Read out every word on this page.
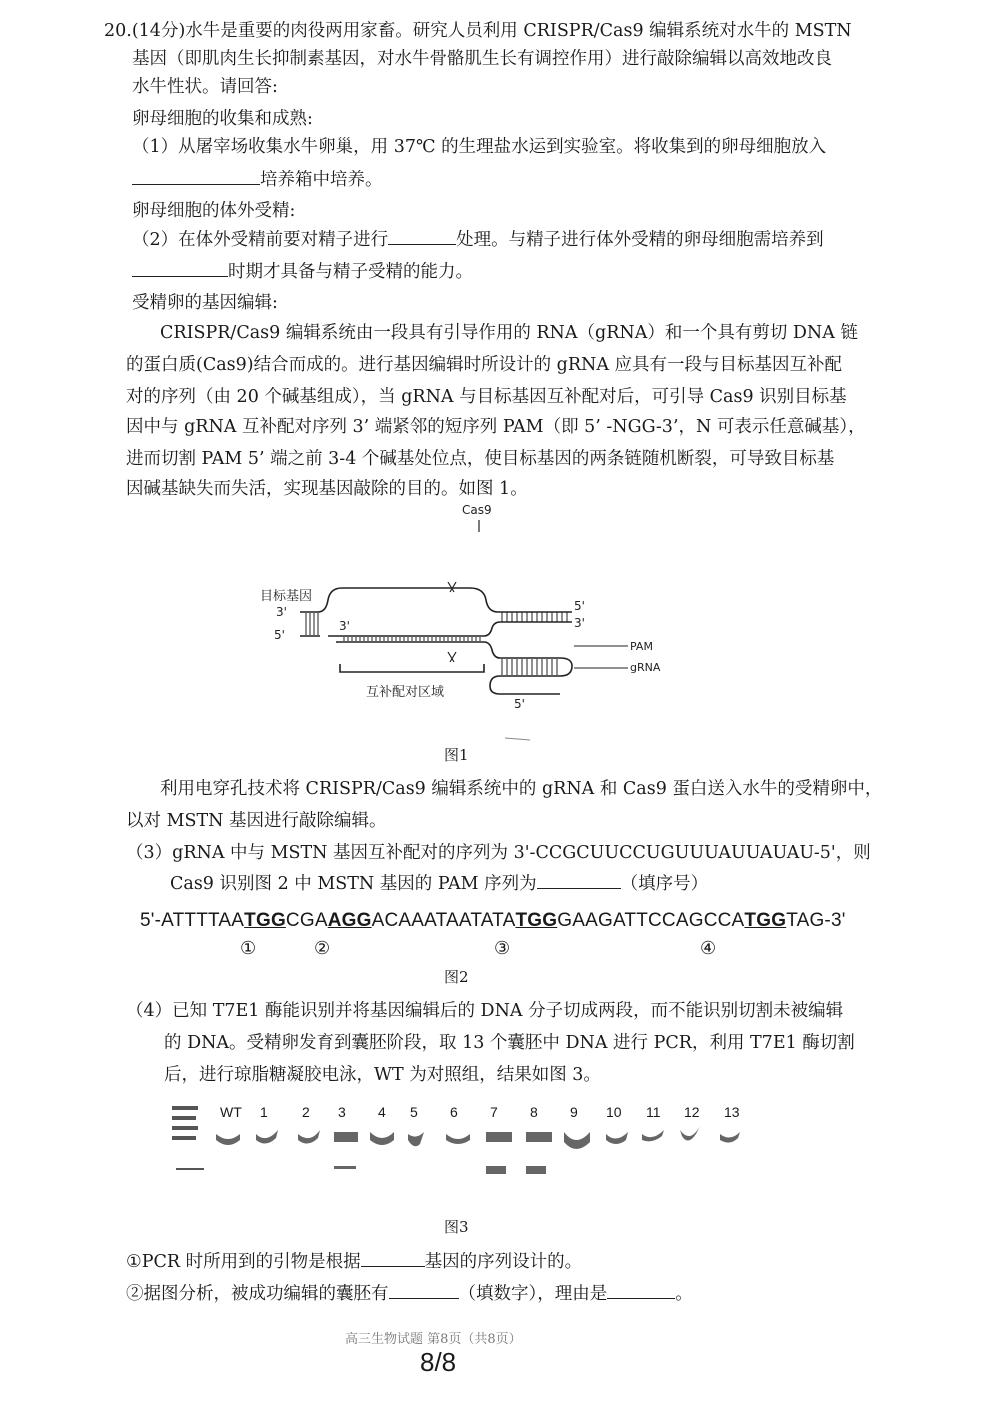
20.(14分)水牛是重要的肉役两用家畜。研究人员利用 CRISPR/Cas9 编辑系统对水牛的 MSTN
基因（即肌肉生长抑制素基因，对水牛骨骼肌生长有调控作用）进行敲除编辑以高效地改良
水牛性状。请回答:
卵母细胞的收集和成熟:
（1）从屠宰场收集水牛卵巢，用 37℃ 的生理盐水运到实验室。将收集到的卵母细胞放入
培养箱中培养。
卵母细胞的体外受精:
（2）在体外受精前要对精子进行	处理。与精子进行体外受精的卵母细胞需培养到
时期才具备与精子受精的能力。
受精卵的基因编辑:
CRISPR/Cas9 编辑系统由一段具有引导作用的 RNA（gRNA）和一个具有剪切 DNA 链
的蛋白质(Cas9)结合而成的。进行基因编辑时所设计的 gRNA 应具有一段与目标基因互补配
对的序列（由 20 个碱基组成），当 gRNA 与目标基因互补配对后，可引导 Cas9 识别目标基
因中与 gRNA 互补配对序列 3’ 端紧邻的短序列 PAM（即 5’ -NGG-3’，N 可表示任意碱基），
进而切割 PAM 5’ 端之前 3-4 个碱基处位点，使目标基因的两条链随机断裂，可导致目标基
因碱基缺失而失活，实现基因敲除的目的。如图 1。
Cas9
目标基因
3'
5'
3'
5'
3'
PAM
gRNA
5'
互补配对区域
图1
利用电穿孔技术将 CRISPR/Cas9 编辑系统中的 gRNA 和 Cas9 蛋白送入水牛的受精卵中，
以对 MSTN 基因进行敲除编辑。
（3）gRNA 中与 MSTN 基因互补配对的序列为 3'-CCGCUUCCUGUUUAUUAUAU-5'，则
Cas9 识别图 2 中 MSTN 基因的 PAM 序列为	（填序号）
5'-ATTTTAATGGCGAAGGACAAATAATATATGGGAAGATTCCAGCCATGGTAG-3'
①	②	③	④
图2
（4）已知 T7E1 酶能识别并将基因编辑后的 DNA 分子切成两段，而不能识别切割未被编辑
的 DNA。受精卵发育到囊胚阶段，取 13 个囊胚中 DNA 进行 PCR，利用 T7E1 酶切割
后，进行琼脂糖凝胶电泳，WT 为对照组，结果如图 3。
WT 1 2 3 4 5 6 7 8 9 10 11 12 13
图3
①PCR 时所用到的引物是根据	基因的序列设计的。
②据图分析，被成功编辑的囊胚有	（填数字），理由是	。
高三生物试题 第8页（共8页）
8/8
